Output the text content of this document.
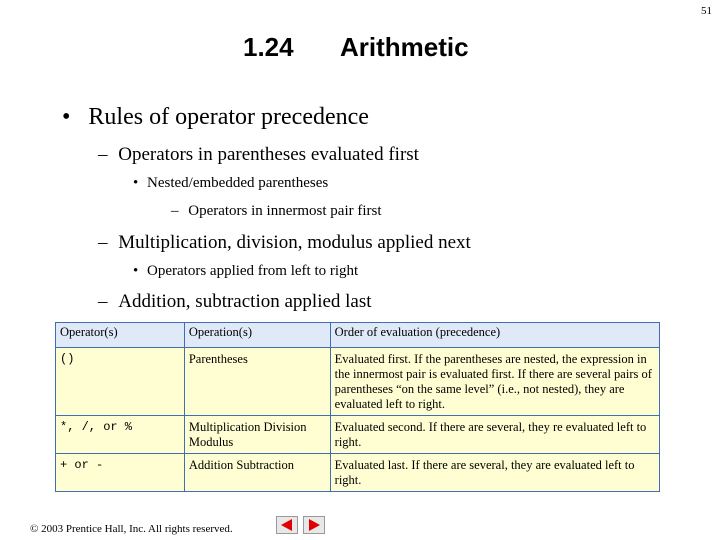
51
1.24 Arithmetic
• Rules of operator precedence
– Operators in parentheses evaluated first
• Nested/embedded parentheses
– Operators in innermost pair first
– Multiplication, division, modulus applied next
• Operators applied from left to right
– Addition, subtraction applied last
Operator(s)	Operation(s)	Order of evaluation (precedence)
()	Parentheses	Evaluated first. If the parentheses are nested, the expression in the innermost pair is evaluated first. If there are several pairs of parentheses “on the same level” (i.e., not nested), they are evaluated left to right.
*, /, or %	Multiplication Division Modulus	Evaluated second. If there are several, they re evaluated left to right.
+ or -	Addition Subtraction	Evaluated last. If there are several, they are evaluated left to right.
© 2003 Prentice Hall, Inc. All rights reserved.
